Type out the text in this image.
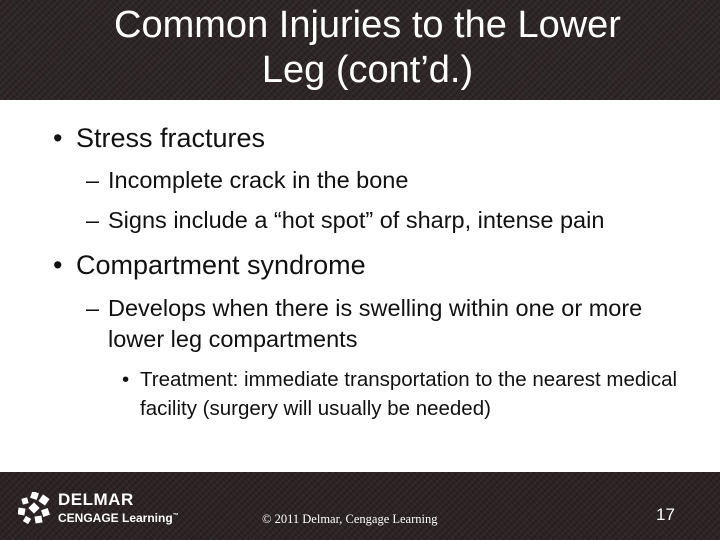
Common Injuries to the Lower
Leg (cont’d.)
• Stress fractures
– Incomplete crack in the bone
– Signs include a “hot spot” of sharp, intense pain
• Compartment syndrome
– Develops when there is swelling within one or more lower leg compartments
• Treatment: immediate transportation to the nearest medical facility (surgery will usually be needed)
DELMAR
CENGAGE Learning™	© 2011 Delmar, Cengage Learning	17
